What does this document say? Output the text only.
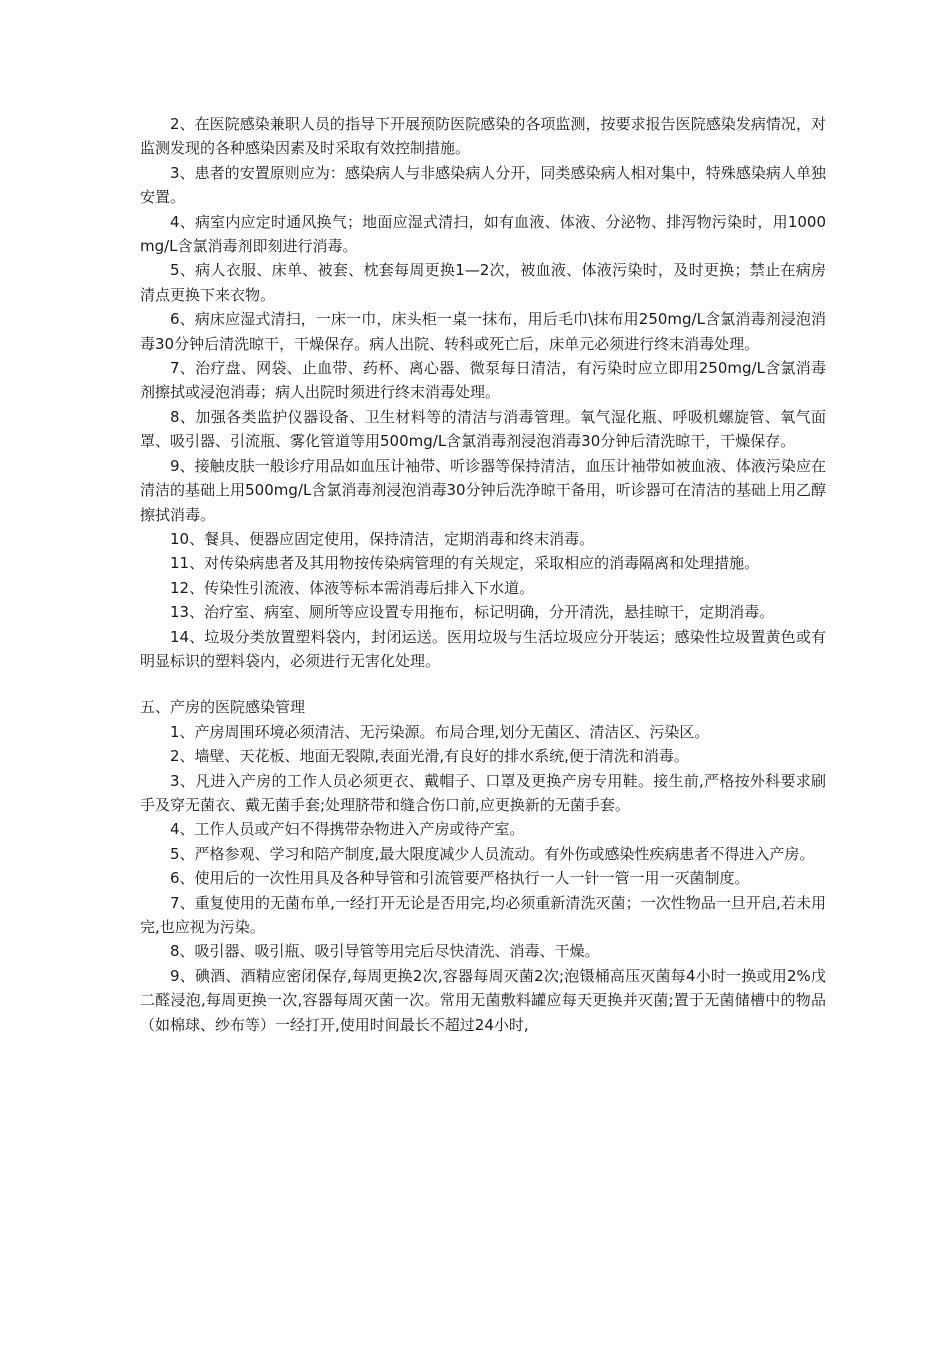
2、在医院感染兼职人员的指导下开展预防医院感染的各项监测，按要求报告医院感染发病情况，对监测发现的各种感染因素及时采取有效控制措施。

3、患者的安置原则应为：感染病人与非感染病人分开，同类感染病人相对集中，特殊感染病人单独安置。

4、病室内应定时通风换气；地面应湿式清扫，如有血液、体液、分泌物、排泻物污染时，用1000mg/L含氯消毒剂即刻进行消毒。

5、病人衣服、床单、被套、枕套每周更换1—2次，被血液、体液污染时，及时更换；禁止在病房清点更换下来衣物。

6、病床应湿式清扫，一床一巾，床头柜一桌一抹布，用后毛巾\抹布用250mg/L含氯消毒剂浸泡消毒30分钟后清洗晾干，干燥保存。病人出院、转科或死亡后，床单元必须进行终末消毒处理。

7、治疗盘、网袋、止血带、药杯、离心器、微泵每日清洁，有污染时应立即用250mg/L含氯消毒剂擦拭或浸泡消毒；病人出院时须进行终末消毒处理。

8、加强各类监护仪器设备、卫生材料等的清洁与消毒管理。氧气湿化瓶、呼吸机螺旋管、氧气面罩、吸引器、引流瓶、雾化管道等用500mg/L含氯消毒剂浸泡消毒30分钟后清洗晾干，干燥保存。

9、接触皮肤一般诊疗用品如血压计袖带、听诊器等保持清洁，血压计袖带如被血液、体液污染应在清洁的基础上用500mg/L含氯消毒剂浸泡消毒30分钟后洗净晾干备用，听诊器可在清洁的基础上用乙醇擦拭消毒。

10、餐具、便器应固定使用，保持清洁，定期消毒和终末消毒。

11、对传染病患者及其用物按传染病管理的有关规定，采取相应的消毒隔离和处理措施。

12、传染性引流液、体液等标本需消毒后排入下水道。

13、治疗室、病室、厕所等应设置专用拖布，标记明确，分开清洗，悬挂晾干，定期消毒。

14、垃圾分类放置塑料袋内，封闭运送。医用垃圾与生活垃圾应分开装运；感染性垃圾置黄色或有明显标识的塑料袋内，必须进行无害化处理。

五、产房的医院感染管理

1、产房周围环境必须清洁、无污染源。布局合理,划分无菌区、清洁区、污染区。

2、墙壁、天花板、地面无裂隙,表面光滑,有良好的排水系统,便于清洗和消毒。

3、凡进入产房的工作人员必须更衣、戴帽子、口罩及更换产房专用鞋。接生前,严格按外科要求刷手及穿无菌衣、戴无菌手套;处理脐带和缝合伤口前,应更换新的无菌手套。

4、工作人员或产妇不得携带杂物进入产房或待产室。

5、严格参观、学习和陪产制度,最大限度减少人员流动。有外伤或感染性疾病患者不得进入产房。

6、使用后的一次性用具及各种导管和引流管要严格执行一人一针一管一用一灭菌制度。

7、重复使用的无菌布单,一经打开无论是否用完,均必须重新清洗灭菌；一次性物品一旦开启,若未用完,也应视为污染。

8、吸引器、吸引瓶、吸引导管等用完后尽快清洗、消毒、干燥。

9、碘酒、酒精应密闭保存,每周更换2次,容器每周灭菌2次;泡镊桶高压灭菌每4小时一换或用2%戊二醛浸泡,每周更换一次,容器每周灭菌一次。常用无菌敷料罐应每天更换并灭菌;置于无菌储槽中的物品（如棉球、纱布等）一经打开,使用时间最长不超过24小时,
